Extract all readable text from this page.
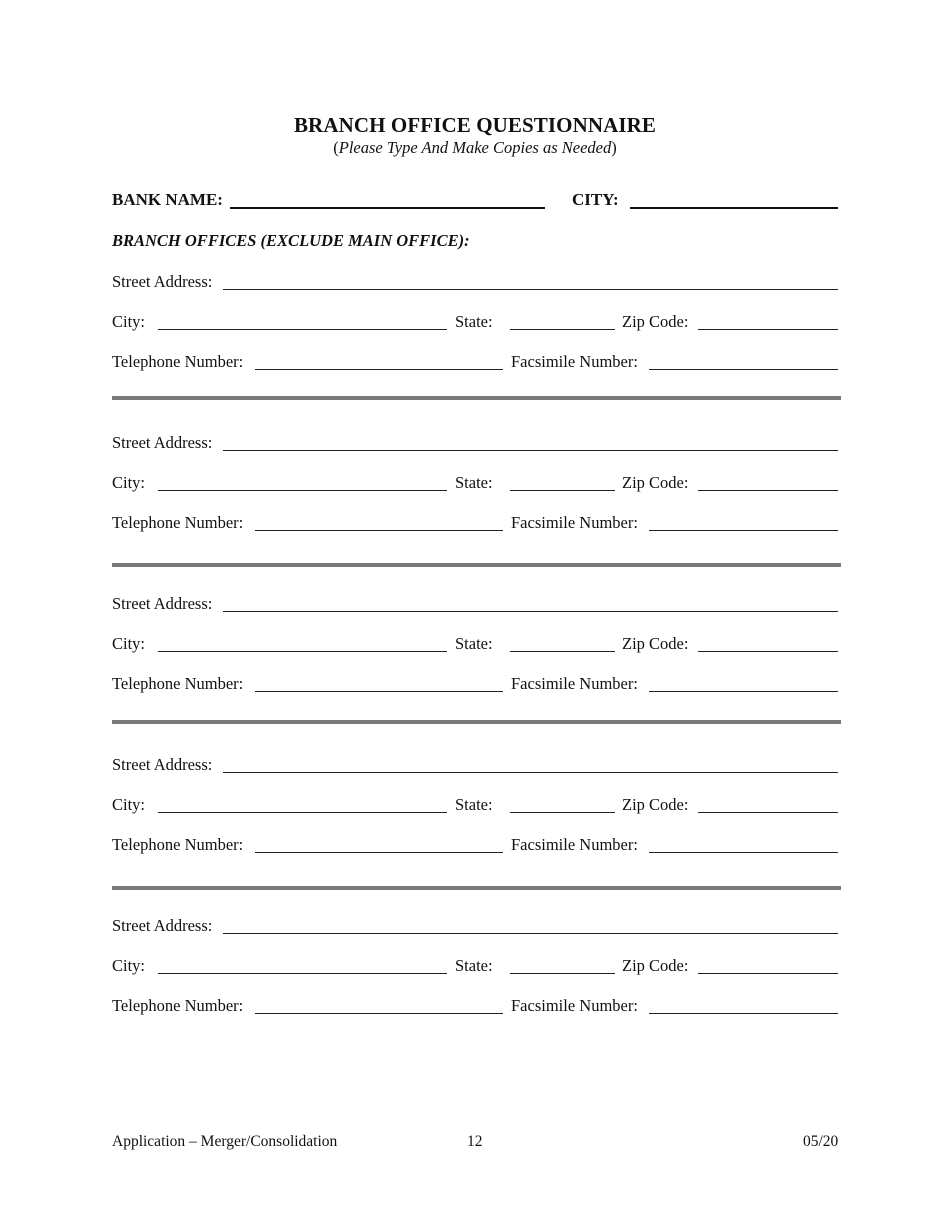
BRANCH OFFICE QUESTIONNAIRE
(Please Type And Make Copies as Needed)
BANK NAME:	CITY:
BRANCH OFFICES (EXCLUDE MAIN OFFICE):
Street Address:
City:	State:	Zip Code:
Telephone Number:	Facsimile Number:
Street Address:
City:	State:	Zip Code:
Telephone Number:	Facsimile Number:
Street Address:
City:	State:	Zip Code:
Telephone Number:	Facsimile Number:
Street Address:
City:	State:	Zip Code:
Telephone Number:	Facsimile Number:
Street Address:
City:	State:	Zip Code:
Telephone Number:	Facsimile Number:
Application – Merger/Consolidation	12	05/20
